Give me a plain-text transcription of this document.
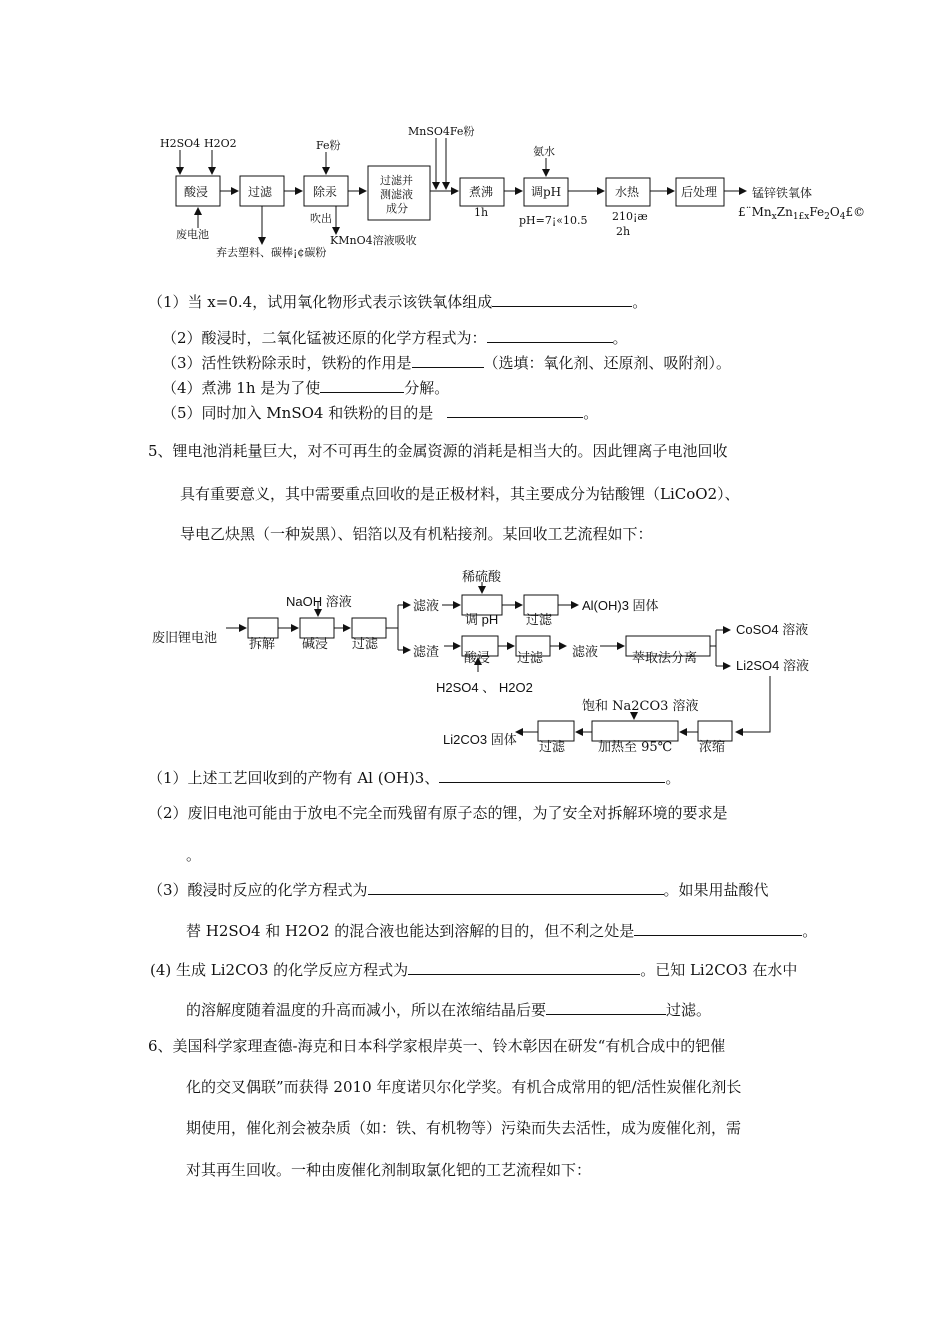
H2SO4 H2O2	Fe粉
MnSO4Fe粉
氨水
酸浸	过滤	除汞
过滤并
测滤液
成分
煮沸	调pH	水热	后处理	锰锌铁氧体
$£¨Mn_xZn_{1£}xFe_2O_4£©$
废电池
弃去塑料、碳棒¡¢碳粉
吹出
KMnO4溶液吸收
1h
pH=7¡«10.5 210¡æ
2h
稀硫酸
NaOH 溶液
废旧锂电池 拆解 碱浸 过滤
滤液
调 pH 过滤
Al(OH)3 固体
滤渣 酸浸 过滤 滤液	萃取法分离
CoSO4 溶液
Li2SO4 溶液
H2SO4 、 H2O2
饱和 Na2CO3 溶液
Li2CO3 固体
过滤	加热至 95℃ 浓缩
（1）当 x=0.4，试用氧化物形式表示该铁氧体组成	。
（2）酸浸时，二氧化锰被还原的化学方程式为：	。
（3）活性铁粉除汞时，铁粉的作用是	（选填：氧化剂、还原剂、吸附剂）。
（4）煮沸 1h 是为了使	分解。
（5）同时加入 MnSO4 和铁粉的目的是	。
5、锂电池消耗量巨大，对不可再生的金属资源的消耗是相当大的。因此锂离子电池回收
具有重要意义，其中需要重点回收的是正极材料，其主要成分为钴酸锂（LiCoO2）、
导电乙炔黑（一种炭黑）、铝箔以及有机粘接剂。某回收工艺流程如下：
（1）上述工艺回收到的产物有 Al (OH)3、	。
（2）废旧电池可能由于放电不完全而残留有原子态的锂，为了安全对拆解环境的要求是
。
（3）酸浸时反应的化学方程式为	。如果用盐酸代
替 H2SO4 和 H2O2 的混合液也能达到溶解的目的，但不利之处是	。
(4) 生成 Li2CO3 的化学反应方程式为	。已知 Li2CO3 在水中
的溶解度随着温度的升高而减小，所以在浓缩结晶后要	过滤。
6、美国科学家理查德-海克和日本科学家根岸英一、铃木彰因在研发“有机合成中的钯催
化的交叉偶联”而获得 2010 年度诺贝尔化学奖。有机合成常用的钯/活性炭催化剂长
期使用，催化剂会被杂质（如：铁、有机物等）污染而失去活性，成为废催化剂，需
对其再生回收。一种由废催化剂制取氯化钯的工艺流程如下：
